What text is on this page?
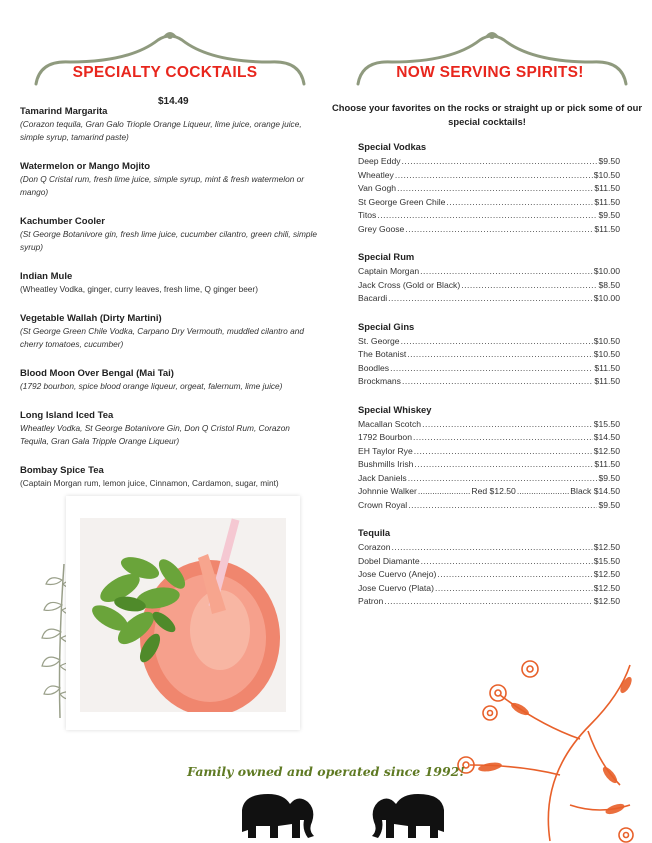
SPECIALTY COCKTAILS	NOW SERVING SPIRITS!
$14.49
Tamarind Margarita
(Corazon tequila, Gran Galo Triople Orange Liqueur, lime juice, orange juice, simple syrup, tamarind paste)
Watermelon or Mango Mojito
(Don Q Cristal rum, fresh lime juice, simple syrup, mint & fresh watermelon or mango)
Kachumber Cooler
(St George Botanivore gin, fresh lime juice, cucumber cilantro, green chili, simple syrup)
Indian Mule
(Wheatley Vodka, ginger, curry leaves, fresh lime, Q ginger beer)
Vegetable Wallah (Dirty Martini)
(St George Green Chile Vodka, Carpano Dry Vermouth, muddled cilantro and cherry tomatoes, cucumber)
Blood Moon Over Bengal (Mai Tai)
(1792 bourbon, spice blood orange liqueur, orgeat, falernum, lime juice)
Long Island Iced Tea
Wheatley Vodka, St George Botanivore Gin, Don Q Cristol Rum, Corazon Tequila, Gran Gala Tripple Orange Liqueur)
Bombay Spice Tea
(Captain Morgan rum, lemon juice, Cinnamon, Cardamon, sugar, mint)
Choose your favorites on the rocks or straight up or pick some of our special cocktails!
Special Vodkas
Deep Eddy .....	$9.50
Wheatley .....	$10.50
Van Gogh .....	$11.50
St George Green Chile .....	$11.50
Titos .....	$9.50
Grey Goose .....	$11.50
Special Rum
Captain Morgan .....	$10.00
Jack Cross (Gold or Black) .....	$8.50
Bacardi .....	$10.00
Special Gins
St. George .....	$10.50
The Botanist .....	$10.50
Boodles .....	$11.50
Brockmans .....	$11.50
Special Whiskey
Macallan Scotch .....	$15.50
1792 Bourbon .....	$14.50
EH Taylor Rye .....	$12.50
Bushmills Irish .....	$11.50
Jack Daniels .....	$9.50
Johnnie Walker .....	Red $12.50 .....	Black $14.50
Crown Royal .....	$9.50
Tequila
Corazon .....	$12.50
Dobel Diamante .....	$15.50
Jose Cuervo (Anejo) .....	$12.50
Jose Cuervo (Plata) .....	$12.50
Patron .....	$12.50
Family owned and operated since 1992!
